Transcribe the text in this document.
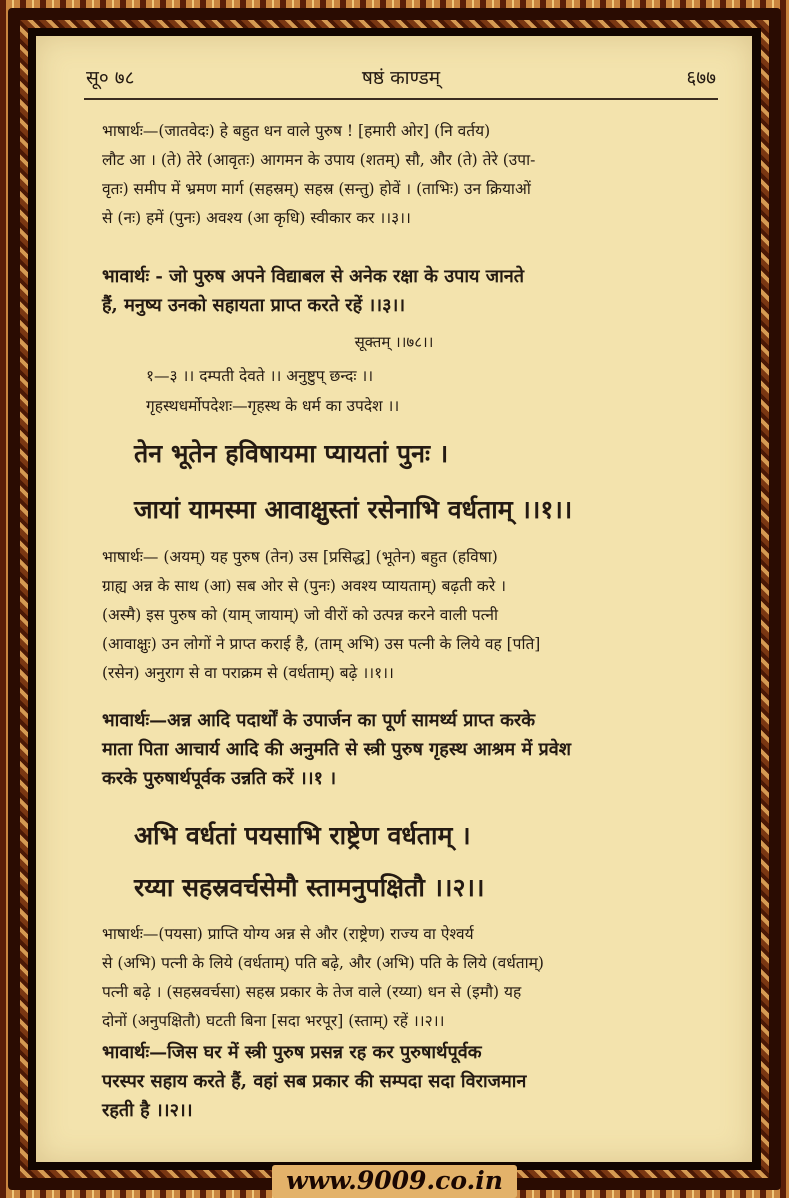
सू० ७८	षष्ठं काण्डम्	६७७
भाषार्थः—(जातवेदः) हे बहुत धन वाले पुरुष ! [हमारी ओर] (नि वर्तय)
लौट आ । (ते) तेरे (आवृतः) आगमन के उपाय (शतम्) सौ, और (ते) तेरे (उपा-
वृतः) समीप में भ्रमण मार्ग (सहस्रम्) सहस्र (सन्तु) होवें । (ताभिः) उन क्रियाओं
से (नः) हमें (पुनः) अवश्य (आ कृधि) स्वीकार कर ।।३।।
भावार्थः - जो पुरुष अपने विद्याबल से अनेक रक्षा के उपाय जानते
हैं, मनुष्य उनको सहायता प्राप्त करते रहें ।।३।।
सूक्तम् ।।७८।।
१—३ ।। दम्पती देवते ।। अनुष्टुप् छन्दः ।।
गृहस्थधर्मोपदेशः—गृहस्थ के धर्म का उपदेश ।।
तेन भूतेन हविषायमा प्यायतां पुनः ।
जायां यामस्मा आवाक्षुस्तां रसेनाभि वर्धताम् ।।१।।
भाषार्थः— (अयम्) यह पुरुष (तेन) उस [प्रसिद्ध] (भूतेन) बहुत (हविषा)
ग्राह्य अन्न के साथ (आ) सब ओर से (पुनः) अवश्य प्यायताम्) बढ़ती करे ।
(अस्मै) इस पुरुष को (याम् जायाम्) जो वीरों को उत्पन्न करने वाली पत्नी
(आवाक्षुः) उन लोगों ने प्राप्त कराई है, (ताम् अभि) उस पत्नी के लिये वह [पति]
(रसेन) अनुराग से वा पराक्रम से (वर्धताम्) बढ़े ।।१।।
भावार्थः—अन्न आदि पदार्थों के उपार्जन का पूर्ण सामर्थ्य प्राप्त करके
माता पिता आचार्य आदि की अनुमति से स्त्री पुरुष गृहस्थ आश्रम में प्रवेश
करके पुरुषार्थपूर्वक उन्नति करें ।।१ ।
अभि वर्धतां पयसाभि राष्ट्रेण वर्धताम् ।
रय्या सहस्रवर्चसेमौ स्तामनुपक्षितौ ।।२।।
भाषार्थः—(पयसा) प्राप्ति योग्य अन्न से और (राष्ट्रेण) राज्य वा ऐश्वर्य
से (अभि) पत्नी के लिये (वर्धताम्) पति बढ़े, और (अभि) पति के लिये (वर्धताम्)
पत्नी बढ़े । (सहस्रवर्चसा) सहस्र प्रकार के तेज वाले (रय्या) धन से (इमौ) यह
दोनों (अनुपक्षितौ) घटती बिना [सदा भरपूर] (स्ताम्) रहें ।।२।।
भावार्थः—जिस घर में स्त्री पुरुष प्रसन्न रह कर पुरुषार्थपूर्वक
परस्पर सहाय करते हैं, वहां सब प्रकार की सम्पदा सदा विराजमान
रहती है ।।२।।
www.9009.co.in
